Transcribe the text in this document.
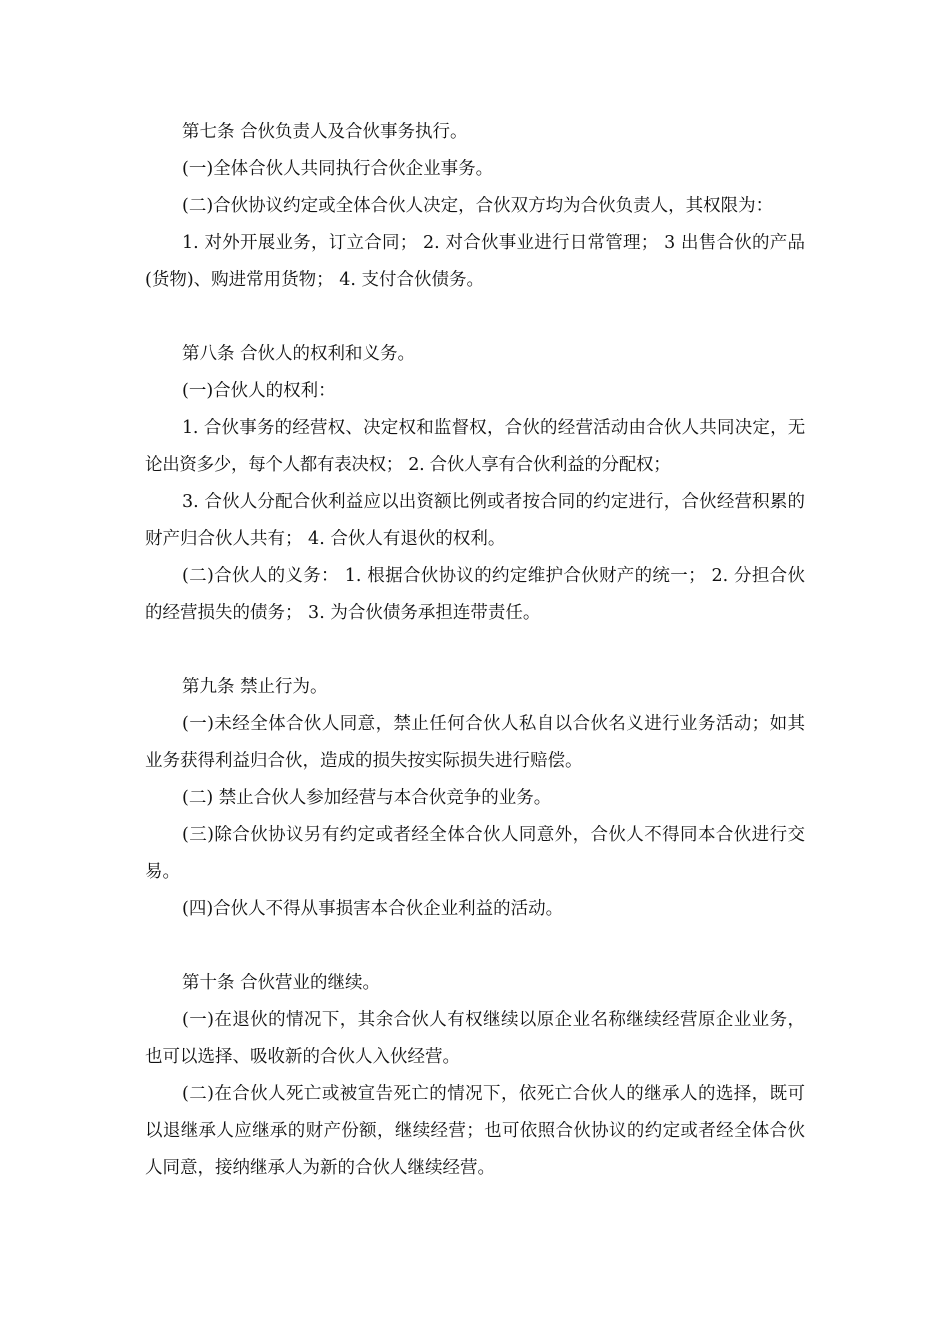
第七条 合伙负责人及合伙事务执行。

(一)全体合伙人共同执行合伙企业事务。

(二)合伙协议约定或全体合伙人决定，合伙双方均为合伙负责人，其权限为：

1. 对外开展业务，订立合同； 2. 对合伙事业进行日常管理； 3 出售合伙的产品(货物)、购进常用货物； 4. 支付合伙债务。

第八条 合伙人的权利和义务。

(一)合伙人的权利：

1. 合伙事务的经营权、决定权和监督权，合伙的经营活动由合伙人共同决定，无论出资多少，每个人都有表决权； 2. 合伙人享有合伙利益的分配权；

3. 合伙人分配合伙利益应以出资额比例或者按合同的约定进行，合伙经营积累的财产归合伙人共有； 4. 合伙人有退伙的权利。

(二)合伙人的义务： 1. 根据合伙协议的约定维护合伙财产的统一； 2. 分担合伙的经营损失的债务； 3. 为合伙债务承担连带责任。

第九条 禁止行为。

(一)未经全体合伙人同意，禁止任何合伙人私自以合伙名义进行业务活动；如其业务获得利益归合伙，造成的损失按实际损失进行赔偿。

(二) 禁止合伙人参加经营与本合伙竞争的业务。

(三)除合伙协议另有约定或者经全体合伙人同意外，合伙人不得同本合伙进行交易。

(四)合伙人不得从事损害本合伙企业利益的活动。

第十条 合伙营业的继续。

(一)在退伙的情况下，其余合伙人有权继续以原企业名称继续经营原企业业务，也可以选择、吸收新的合伙人入伙经营。

(二)在合伙人死亡或被宣告死亡的情况下，依死亡合伙人的继承人的选择，既可以退继承人应继承的财产份额，继续经营；也可依照合伙协议的约定或者经全体合伙人同意，接纳继承人为新的合伙人继续经营。
